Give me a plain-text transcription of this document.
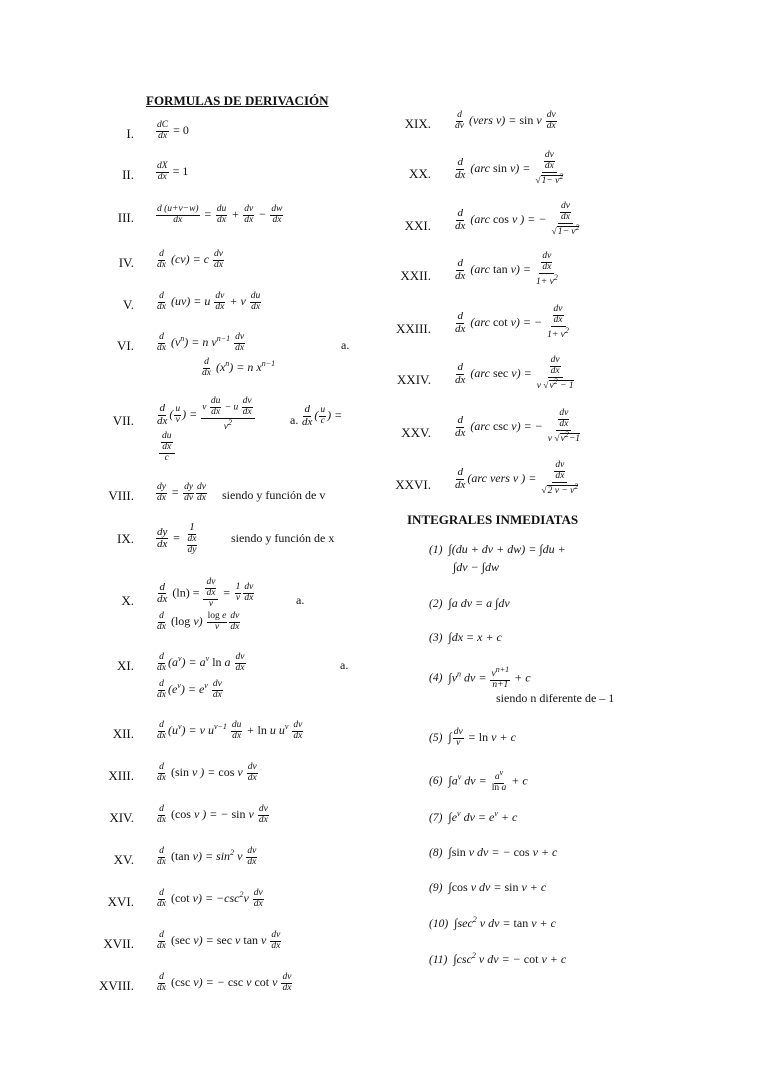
FORMULAS DE DERIVACIÓN
I. $\frac{dC}{dx} = 0$
II. $\frac{dX}{dx} = 1$
III. $\frac{d (u+v-w)}{dx} = \frac{du}{dx} + \frac{dv}{dx} - \frac{dw}{dx}$
IV. $\frac{d}{dx} (cv) = c \frac{dv}{dx}$
V. $\frac{d}{dx} (uv) = u \frac{dv}{dx} + v \frac{du}{dx}$
VI. $\frac{d}{dx} (v^n) = n$ $v^{n-1} \frac{dv}{dx}$	a.
$\frac{d}{dx} (x^n) = n$ $x^{n-1}$
VII. $\frac{d}{dx}$ ( $\frac{u}{v}$ ) = $\frac{v \frac{du}{dx} - u \frac{dv}{dx}}{v^2}$	a. $\frac{d}{dx}$ ( $\frac{u}{c}$ ) =
$\frac{\frac{du}{dx}}{c}$
VIII. $\frac{dy}{dx} = \frac{dy}{dv} \frac{dv}{dx}$ siendo y función de v
IX. $\frac{dy}{dx} = \frac{1}{\frac{dx}{dy}}$	siendo y función de x
X. $\frac{d}{dx} (\ln) = \frac{\frac{dv}{dx}}{v} = \frac{1}{v} \frac{dv}{dx}$	a.
$\frac{d}{dx} (\log$ $v) \frac{\text{log e}}{v} \frac{dv}{dx}$
XI. $\frac{d}{dx} (a^v) = a^v$ ln a $\frac{dv}{dx}$	a.
$\frac{d}{dx} (e^v) = e^v \frac{dv}{dx}$
XII. $\frac{d}{dx} (u^v) = v$ $u^{v-1} \frac{du}{dx} + \ln u$ $u^v \frac{dv}{dx}$
XIII. $\frac{d}{dx} (\sin$ v ) = cos v $\frac{dv}{dx}$
XIV. $\frac{d}{dx} (\cos$ v ) = − sin v $\frac{dv}{dx}$
XV. $\frac{d}{dx} (\tan$ $v) = \sin^2 v \frac{dv}{dx}$
XVI. $\frac{d}{dx} (\cot$ $v) = -\csc^2v \frac{dv}{dx}$
XVII. $\frac{d}{dx} (\sec$ v) = sec v tan v $\frac{dv}{dx}$
XVIII. $\frac{d}{dx} (\csc$ v) = − csc v cot v $\frac{dv}{dx}$
XIX. $\frac{d}{dv}$ (vers v) = sin v $\frac{dv}{dx}$
XX. $\frac{d}{dx} (arc$ $\sin v) = \frac{\frac{dv}{dx}}{√1- v^2}$
XXI. $\frac{d}{dx} (arc$ cos v ) = − $\frac{\frac{dv}{dx}}{√1- v^2}$
XXII. $\frac{d}{dx} (arc$ $\tan v) = \frac{\frac{dv}{dx}}{1+ v^2}$
XXIII. $\frac{d}{dx} (arc$ cot v) = − $\frac{\frac{dv}{dx}}{1+ v^2}$
XXIV. $\frac{d}{dx} (arc$ $\sec v) = \frac{\frac{dv}{dx}}{v √v^2 - 1}$
XXV. $\frac{d}{dx} (arc$ csc v) = − $\frac{\frac{dv}{dx}}{v √v^2-1}$
XXVI. $\frac{d}{dx} (arc$ vers v ) = $\frac{\frac{dv}{dx}}{√2 v - v^2}$
INTEGRALES INMEDIATAS
(1) ∫(du + dv + dw) = ∫du +
∫dv − ∫dw
(2) ∫a dv = a ∫dv
(3) ∫dx = x + c
(4) $\int v^n$ dv = $\frac{v^{n+1}}{n+1} + c$
siendo n diferente de – 1
(5) ∫ $\frac{dv}{v} = \ln v + c$
(6) $\int a^v$ dv = $\frac{a^v}{\text{ln a}} + c$
(7) $\int e^v$ dv = $e^v + c$
(8) ∫sin v dv = − cos v + c
(9) ∫cos v dv = sin v + c
(10) $\int\sec^2$ v dv = tan v + c
(11) $\int\csc^2$ v dv = − cot v + c
